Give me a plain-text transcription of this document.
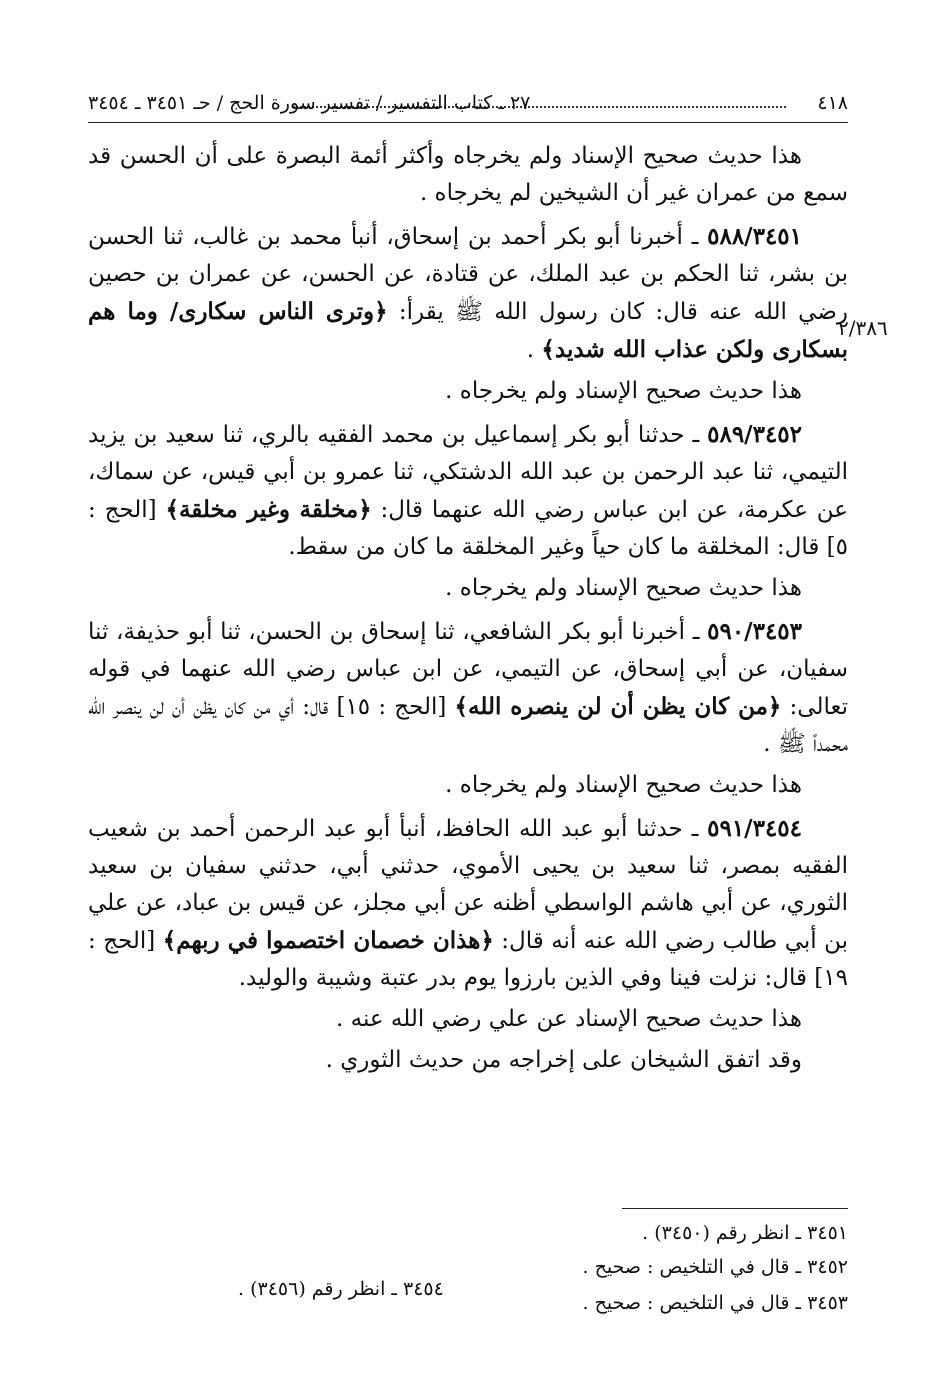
٤١٨
٢٧ ـ كتاب التفسير / تفسير سورة الحج / حـ ٣٤٥١ ـ ٣٤٥٤
٢/٣٨٦

هذا حديث صحيح الإسناد ولم يخرجاه وأكثر أئمة البصرة على أن الحسن قد سمع من عمران غير أن الشيخين لم يخرجاه .

٥٨٨/٣٤٥١ ـ أخبرنا أبو بكر أحمد بن إسحاق، أنبأ محمد بن غالب، ثنا الحسن بن بشر، ثنا الحكم بن عبد الملك، عن قتادة، عن الحسن، عن عمران بن حصين رضي الله عنه قال: كان رسول الله ﷺ يقرأ: ﴿وترى الناس سكارى/ وما هم بسكارى ولكن عذاب الله شديد﴾ .

هذا حديث صحيح الإسناد ولم يخرجاه .

٥٨٩/٣٤٥٢ ـ حدثنا أبو بكر إسماعيل بن محمد الفقيه بالري، ثنا سعيد بن يزيد التيمي، ثنا عبد الرحمن بن عبد الله الدشتكي، ثنا عمرو بن أبي قيس، عن سماك، عن عكرمة، عن ابن عباس رضي الله عنهما قال: ﴿مخلقة وغير مخلقة﴾ [الحج : ٥] قال: المخلقة ما كان حياً وغير المخلقة ما كان من سقط.

هذا حديث صحيح الإسناد ولم يخرجاه .

٥٩٠/٣٤٥٣ ـ أخبرنا أبو بكر الشافعي، ثنا إسحاق بن الحسن، ثنا أبو حذيفة، ثنا سفيان، عن أبي إسحاق، عن التيمي، عن ابن عباس رضي الله عنهما في قوله تعالى: ﴿من كان يظن أن لن ينصره الله﴾ [الحج : ١٥] قال: أي من كان يظن أن لن ينصر الله محمداً ﷺ .

هذا حديث صحيح الإسناد ولم يخرجاه .

٥٩١/٣٤٥٤ ـ حدثنا أبو عبد الله الحافظ، أنبأ أبو عبد الرحمن أحمد بن شعيب الفقيه بمصر، ثنا سعيد بن يحيى الأموي، حدثني أبي، حدثني سفيان بن سعيد الثوري، عن أبي هاشم الواسطي أظنه عن أبي مجلز، عن قيس بن عباد، عن علي بن أبي طالب رضي الله عنه أنه قال: ﴿هذان خصمان اختصموا في ربهم﴾ [الحج : ١٩] قال: نزلت فينا وفي الذين بارزوا يوم بدر عتبة وشيبة والوليد.

هذا حديث صحيح الإسناد عن علي رضي الله عنه .

وقد اتفق الشيخان على إخراجه من حديث الثوري .

٣٤٥١ ـ انظر رقم (٣٤٥٠) .
٣٤٥٢ ـ قال في التلخيص : صحيح .
٣٤٥٣ ـ قال في التلخيص : صحيح .
٣٤٥٤ ـ انظر رقم (٣٤٥٦) .
